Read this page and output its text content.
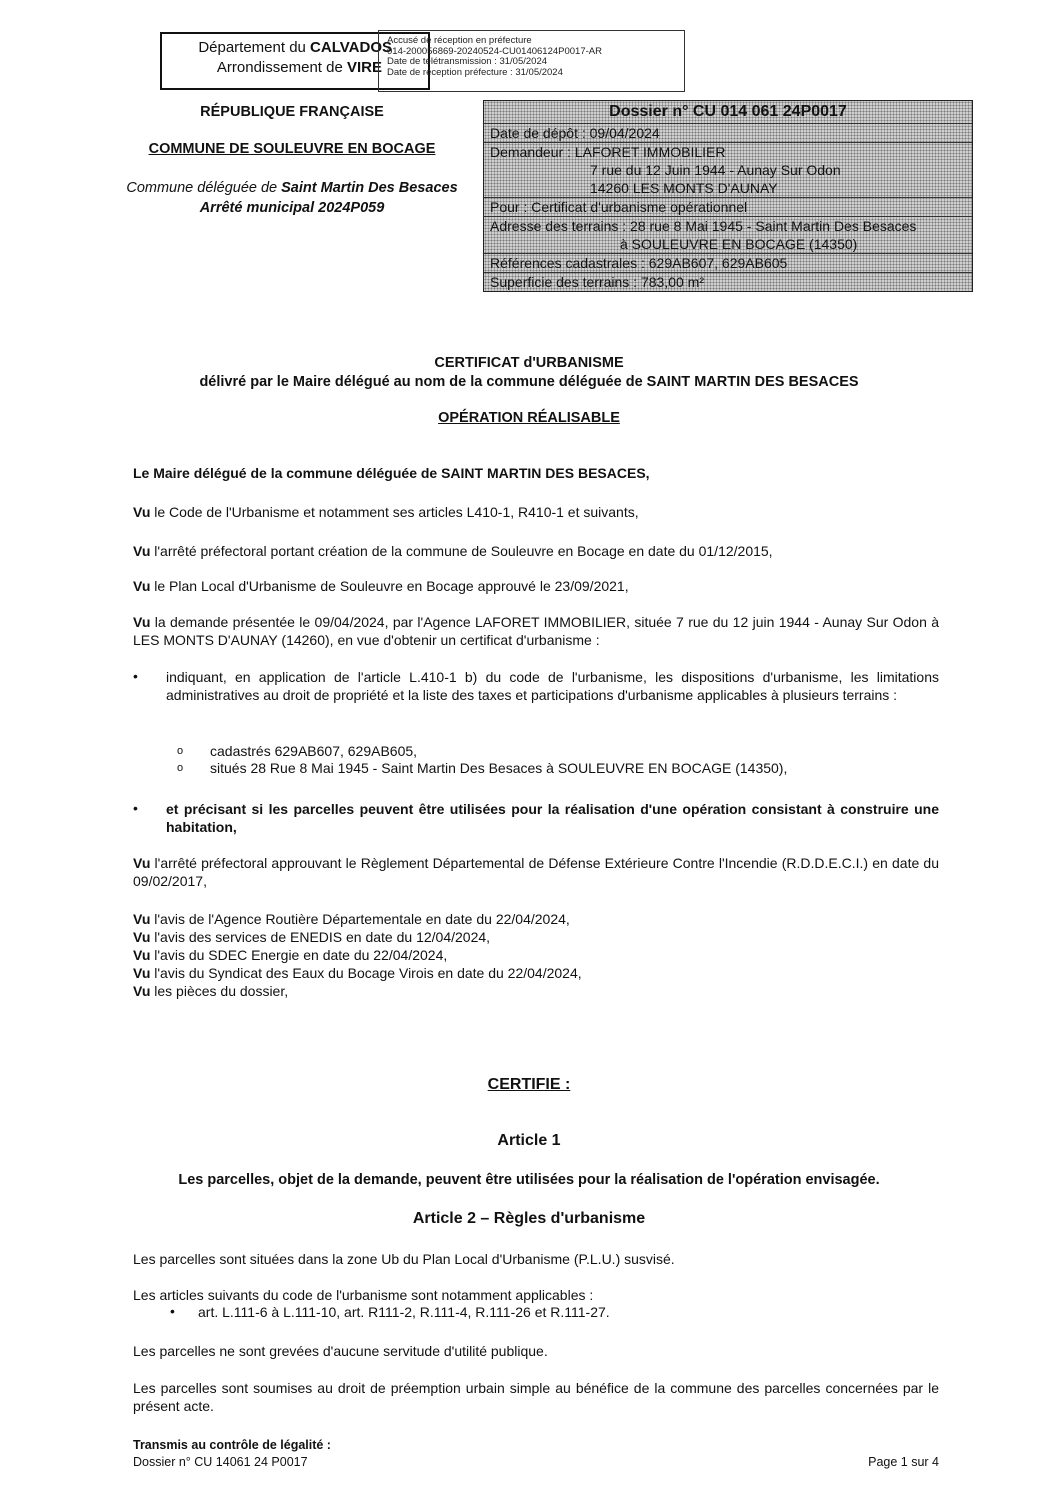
Département du CALVADOS
Arrondissement de VIRE
Accusé de réception en préfecture
014-200056869-20240524-CU01406124P0017-AR
Date de télétransmission : 31/05/2024
Date de réception préfecture : 31/05/2024
RÉPUBLIQUE FRANÇAISE
COMMUNE DE SOULEUVRE EN BOCAGE
Commune déléguée de Saint Martin Des Besaces
Arrêté municipal 2024P059
Dossier n° CU 014 061 24P0017
Date de dépôt : 09/04/2024
Demandeur : LAFORET IMMOBILIER
7 rue du 12 Juin 1944 - Aunay Sur Odon
14260 LES MONTS D'AUNAY
Pour : Certificat d'urbanisme opérationnel
Adresse des terrains : 28 rue 8 Mai 1945 - Saint Martin Des Besaces
à SOULEUVRE EN BOCAGE (14350)
Références cadastrales : 629AB607, 629AB605
Superficie des terrains : 783,00 m²
CERTIFICAT d'URBANISME
délivré par le Maire délégué au nom de la commune déléguée de SAINT MARTIN DES BESACES
OPÉRATION RÉALISABLE
Le Maire délégué de la commune déléguée de SAINT MARTIN DES BESACES,
Vu le Code de l'Urbanisme et notamment ses articles L410-1, R410-1 et suivants,
Vu l'arrêté préfectoral portant création de la commune de Souleuvre en Bocage en date du 01/12/2015,
Vu le Plan Local d'Urbanisme de Souleuvre en Bocage approuvé le 23/09/2021,
Vu la demande présentée le 09/04/2024, par l'Agence LAFORET IMMOBILIER, située 7 rue du 12 juin 1944 - Aunay Sur Odon à LES MONTS D'AUNAY (14260), en vue d'obtenir un certificat d'urbanisme :
• indiquant, en application de l'article L.410-1 b) du code de l'urbanisme, les dispositions d'urbanisme, les limitations administratives au droit de propriété et la liste des taxes et participations d'urbanisme applicables à plusieurs terrains :
o cadastrés 629AB607, 629AB605,
o situés 28 Rue 8 Mai 1945 - Saint Martin Des Besaces à SOULEUVRE EN BOCAGE (14350),
• et précisant si les parcelles peuvent être utilisées pour la réalisation d'une opération consistant à construire une habitation,
Vu l'arrêté préfectoral approuvant le Règlement Départemental de Défense Extérieure Contre l'Incendie (R.D.D.E.C.I.) en date du 09/02/2017,
Vu l'avis de l'Agence Routière Départementale en date du 22/04/2024,
Vu l'avis des services de ENEDIS en date du 12/04/2024,
Vu l'avis du SDEC Energie en date du 22/04/2024,
Vu l'avis du Syndicat des Eaux du Bocage Virois en date du 22/04/2024,
Vu les pièces du dossier,
CERTIFIE :
Article 1
Les parcelles, objet de la demande, peuvent être utilisées pour la réalisation de l'opération envisagée.
Article 2 – Règles d'urbanisme
Les parcelles sont situées dans la zone Ub du Plan Local d'Urbanisme (P.L.U.) susvisé.
Les articles suivants du code de l'urbanisme sont notamment applicables :
• art. L.111-6 à L.111-10, art. R111-2, R.111-4, R.111-26 et R.111-27.
Les parcelles ne sont grevées d'aucune servitude d'utilité publique.
Les parcelles sont soumises au droit de préemption urbain simple au bénéfice de la commune des parcelles concernées par le présent acte.
Transmis au contrôle de légalité :
Dossier n° CU 14061 24 P0017	Page 1 sur 4
